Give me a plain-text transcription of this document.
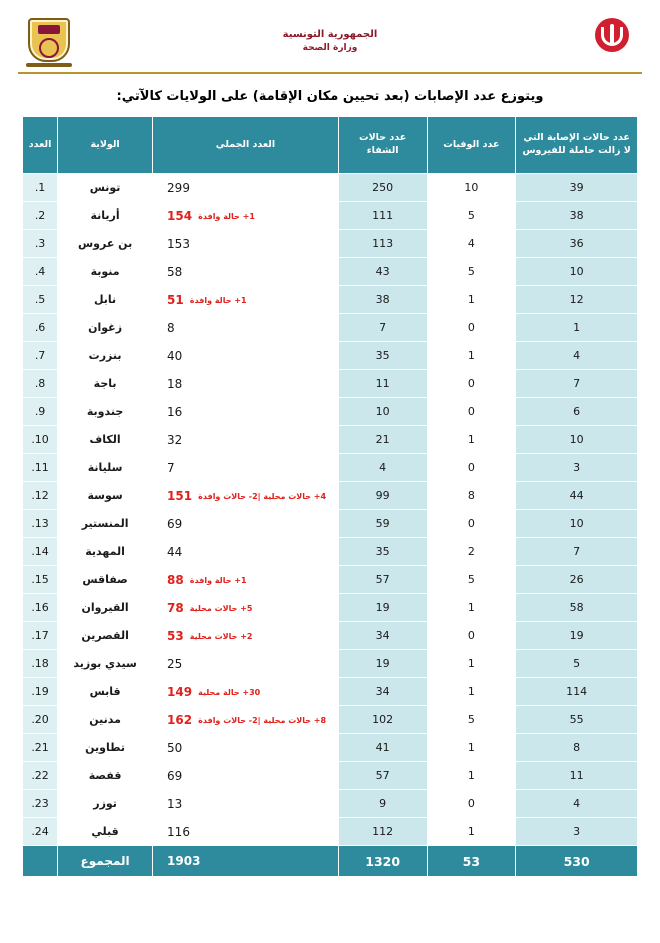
الجمهورية التونسية
وزارة الصحة
ويتوزع عدد الإصابات (بعد تحيين مكان الإقامة) على الولايات كالآتي:
عدد حالات الإصابة التي لا زالت حاملة للفيروس	عدد الوفيات	عدد حالات الشفاء	العدد الجملي	الولاية	العدد
39	10	250	299	تونس	.1
38	5	111	154 1+ حالة وافدة	أريانة	.2
36	4	113	153	بن عروس	.3
10	5	43	58	منوبة	.4
12	1	38	51 1+ حالة وافدة	نابل	.5
1	0	7	8	زغوان	.6
4	1	35	40	بنزرت	.7
7	0	11	18	باجة	.8
6	0	10	16	جندوبة	.9
10	1	21	32	الكاف	.10
3	0	4	7	سليانة	.11
44	8	99	151 4+ حالات محلية |2- حالات وافدة	سوسة	.12
10	0	59	69	المنستير	.13
7	2	35	44	المهدية	.14
26	5	57	88 1+ حالة وافدة	صفاقس	.15
58	1	19	78 5+ حالات محلية	القيروان	.16
19	0	34	53 2+ حالات محلية	القصرين	.17
5	1	19	25	سيدي بوزيد	.18
114	1	34	149 30+ حالة محلية	قابس	.19
55	5	102	162 8+ حالات محلية |2- حالات وافدة	مدنين	.20
8	1	41	50	تطاوين	.21
11	1	57	69	قفصة	.22
4	0	9	13	توزر	.23
3	1	112	116	قبلي	.24
530	53	1320	1903	المجموع	
